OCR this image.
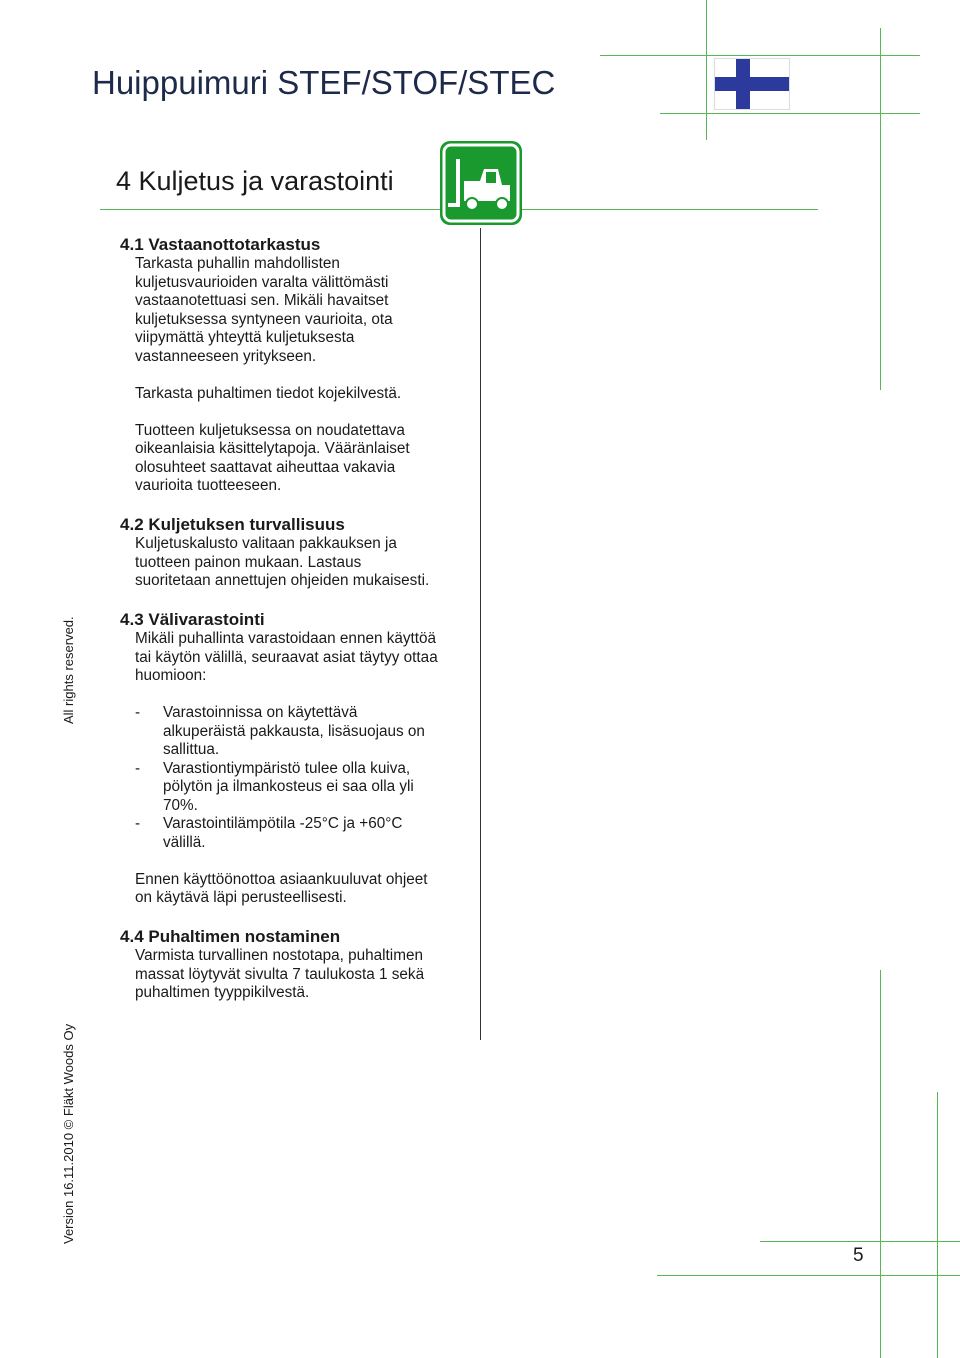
Huippuimuri STEF/STOF/STEC
4 Kuljetus ja varastointi
4.1 Vastaanottotarkastus

Tarkasta puhallin mahdollisten kuljetusvaurioiden varalta välittömästi vastaanotettuasi sen. Mikäli havaitset kuljetuksessa syntyneen vaurioita, ota viipymättä yhteyttä kuljetuksesta vastanneeseen yritykseen.

Tarkasta puhaltimen tiedot kojekilvestä.

Tuotteen kuljetuksessa on noudatettava oikeanlaisia käsittelytapoja. Vääränlaiset olosuhteet saattavat aiheuttaa vakavia vaurioita tuotteeseen.

4.2 Kuljetuksen turvallisuus

Kuljetuskalusto valitaan pakkauksen ja tuotteen painon mukaan. Lastaus suoritetaan annettujen ohjeiden mukaisesti.

4.3 Välivarastointi

Mikäli puhallinta varastoidaan ennen käyttöä tai käytön välillä, seuraavat asiat täytyy ottaa huomioon:

- Varastoinnissa on käytettävä alkuperäistä pakkausta, lisäsuojaus on sallittua.
- Varastiontiympäristö tulee olla kuiva, pölytön ja ilmankosteus ei saa olla yli 70%.
- Varastointilämpötila -25°C ja +60°C välillä.

Ennen käyttöönottoa asiaankuuluvat ohjeet on käytävä läpi perusteellisesti.

4.4 Puhaltimen nostaminen

Varmista turvallinen nostotapa, puhaltimen massat löytyvät sivulta 7 taulukosta 1 sekä puhaltimen tyyppikilvestä.

All rights reserved.
Version 16.11.2010 © Fläkt Woods Oy
5
